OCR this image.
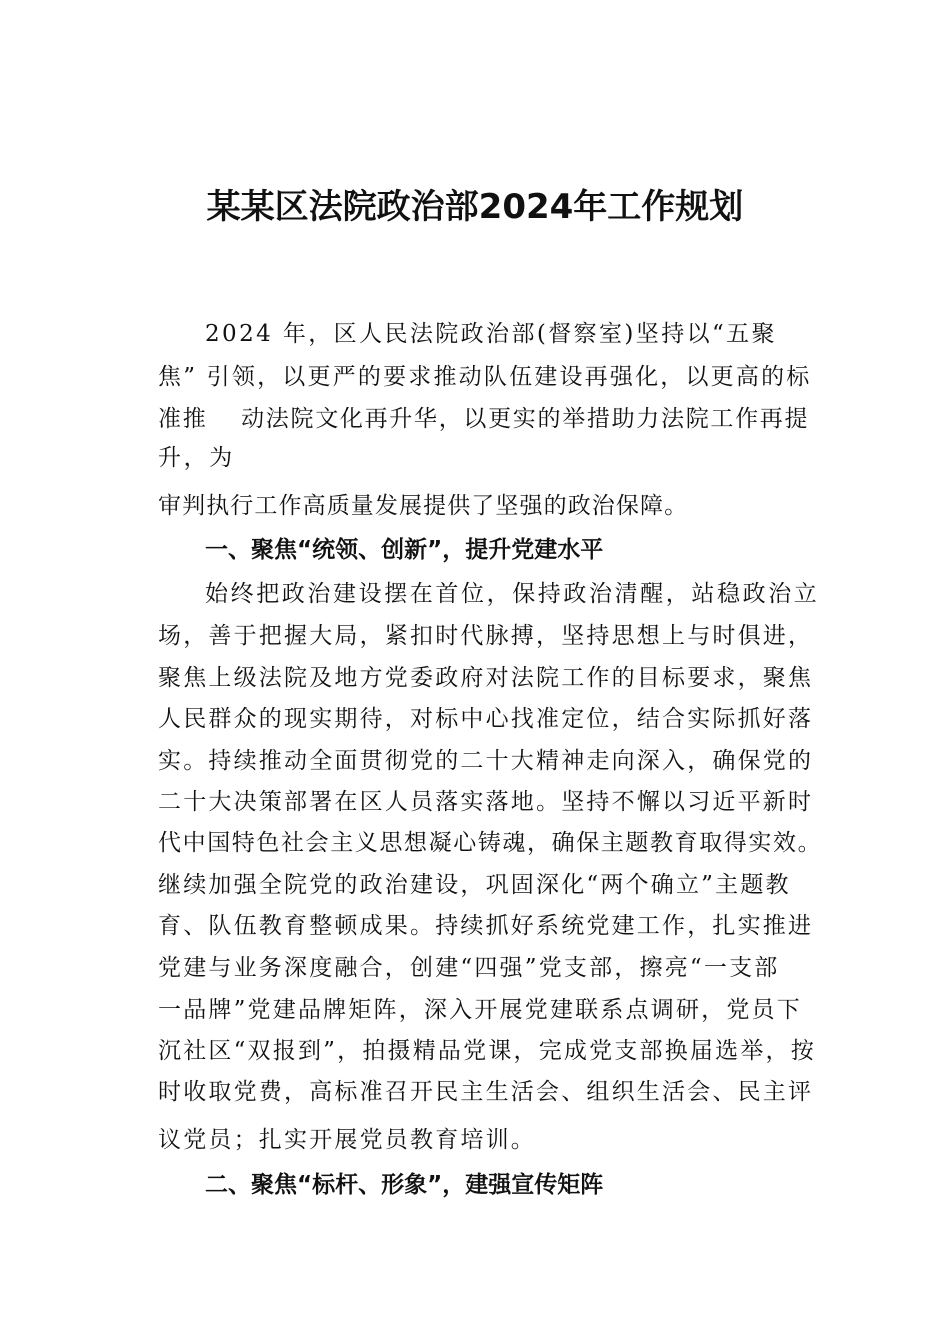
某某区法院政治部2024年工作规划

2024 年，区人民法院政治部(督察室)坚持以“五聚

焦” 引领，以更严的要求推动队伍建设再强化，以更高的标

准推　 动法院文化再升华，以更实的举措助力法院工作再提

升，为

审判执行工作高质量发展提供了坚强的政治保障。

一、聚焦“统领、创新”，提升党建水平

始终把政治建设摆在首位，保持政治清醒，站稳政治立

场，善于把握大局，紧扣时代脉搏，坚持思想上与时俱进，

聚焦上级法院及地方党委政府对法院工作的目标要求，聚焦

人民群众的现实期待，对标中心找准定位，结合实际抓好落

实。持续推动全面贯彻党的二十大精神走向深入，确保党的

二十大决策部署在区人员落实落地。坚持不懈以习近平新时

代中国特色社会主义思想凝心铸魂，确保主题教育取得实效。

继续加强全院党的政治建设，巩固深化“两个确立”主题教

育、队伍教育整顿成果。持续抓好系统党建工作，扎实推进

党建与业务深度融合，创建“四强”党支部，擦亮“一支部

一品牌”党建品牌矩阵，深入开展党建联系点调研，党员下

沉社区“双报到”，拍摄精品党课，完成党支部换届选举，按

时收取党费，高标准召开民主生活会、组织生活会、民主评

议党员；扎实开展党员教育培训。

二、聚焦“标杆、形象”，建强宣传矩阵
